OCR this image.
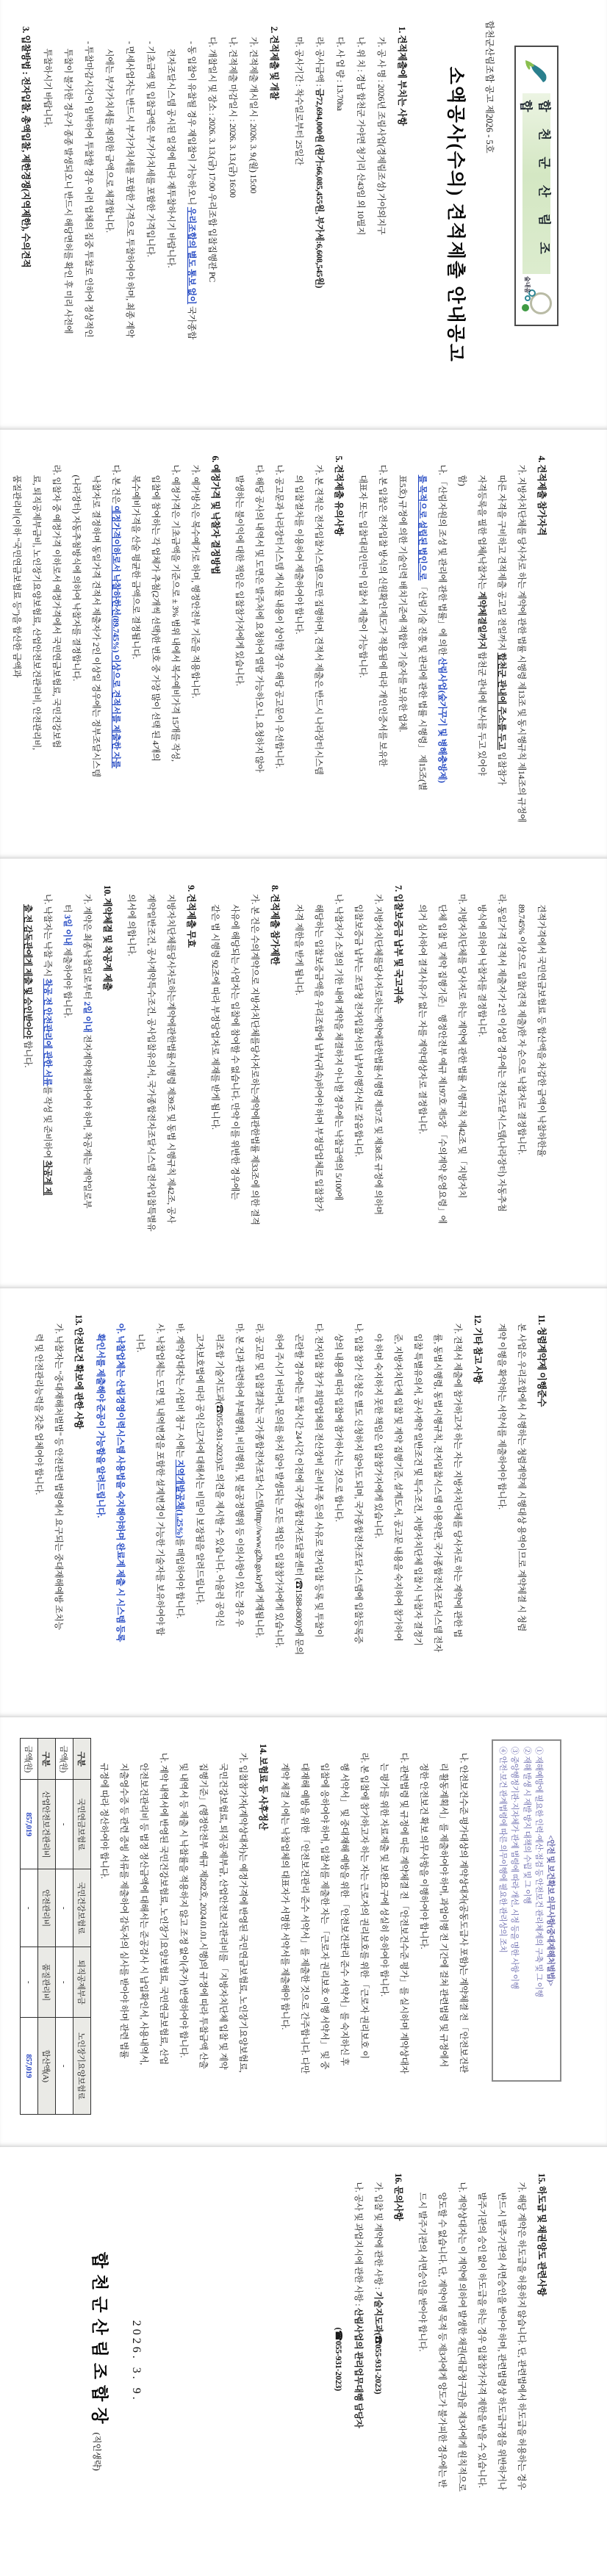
합 천 군 산 림 조 합
숲내음
합천군산림조합 공고 제2026 - 5호
소액공사(수의) 견적제출 안내공고
1. 견적제출에 부치는 사항
가. 공 사 명 : 2026년 조림사업(경제림조성) 가야외지구
나. 위 치 : 경남 합천군 가야면 청기리 산43임 외 10필지
다. 사 업 량 : 13.70ha
라. 공사금액 : 금72,694,000원 (원가:66,085,455원, 부가세:6,608,545원)
마. 공사기간 : 착수일로부터 25일간
2. 견적제출 및 개찰
가. 견적제출 개시일시 : 2026. 3. 9.(월) 15:00
나. 견적제출 마감일시 : 2026. 3. 13.(금) 16:00
다. 개찰일시 및 장소 : 2026. 3. 13.(금) 17:00 우리조합 입찰집행관 PC
- 동 입찰이 유찰될 경우 재입찰이 가능하오니 우리조합의 별도 통보 없이 국가종합
전자조달시스템 공시된 일정에 따라 재투찰하시기 바랍니다.
- 기초금액 및 입찰금액은 부가가치세를 포함한 가격입니다.
- 면세사업자는 반드시 부가가치세를 포함한 가격으로 투찰하여야 하며, 최종 계약
시에는 부가가치세를 제외한 금액으로 체결합니다.
- 투찰마감시간이 임박하여 투찰할 경우 여러 업체의 집중 투찰로 인하여 정상적인
투찰이 불가한 경우가 종종 발생되오니 반드시 해당면허를 확인 후 미리 사전에
투찰하시기 바랍니다.
3. 입찰방법 : 전자입찰, 총액입찰, 제한경쟁(지역제한), 수의견적
4. 견적제출 참가자격
가. 지방자치단체를 당사자로 하는 계약에 관한 법률 시행령 제13조 및 동시행규칙 제14조의 규정에
따른 자격을 구비하고 견적제출 공고일 전일까지 합천군 관내에 주소를 두고 입찰참가
자격등록을 필한 업체(낙찰자는 계약체결일까지 합천군 관내에 본사를 두고 있어야
함)
나. 「산림자원의 조성 및 관리에 관한 법률」에 의한 산림사업(숲가꾸기 및 병해충방제)
를 목적으로 설립된 법인으로 「산림기술 진흥 및 관리에 관한 법률 시행령」 제15조(별
표5호) 규정에 의한 기술인력 배치기준에 적합한 기술자를 보유한 업체.
다. 본 입찰은 전자입찰 방식의 신원확인제도가 적용됨에 따라 개인인증서를 보유한
대표자 또는 입찰대리인만이 입찰서 제출이 가능합니다.
5. 견적제출 유의사항
가. 본 견적은 전자입찰시스템으로만 집행하며, 견적서 제출은 반드시 나라장터시스템
의 입찰절차를 이용하여 제출하여야 합니다.
나. 공고문과 나라장터시스템 게시물 내용이 상이할 경우 해당 공고문이 우선합니다.
다. 해당 공사의 내역서 및 도면은 발주처에 요청하여 열람 가능하오니, 요청하지 않아
발생하는 불이익에 대한 책임은 입찰참가자에게 있습니다.
6. 예정가격 및 낙찰자 결정방법
가. 예가방식은 복수예가로 하며, 행정안전부 기준을 적용합니다.
나. 예정가격은 기초금액을 기준으로 ± 3% 범위 내에서 복수예비가격 15개를 작성,
입찰에 참여하는 각 업체가 추첨(2개씩 선택)한 번호 중 가장 많이 선택 된 4개의
복수예비가격을 산술 평균한 금액으로 결정됩니다.
다. 본 건은 예정가격이하로서 낙찰하한선(89.745%) 이상으로 견적서를 제출한 자를
낙찰자로 결정하며 동일가격 견적서 제출자가 2인 이상일 경우에는 정부조달시스템
(나라장터) 자동추첨방식에 의하여 낙찰자를 결정합니다.
라. 입찰자 중 예정가격 이하로서 예정가격에서 국민연금보험료, 국민건강보험
료, 퇴직공제부금비, 노인장기요양보험료, 산업안전보건관리비, 안전관리비,
품질관리비(이하 "국민연금보험료 등")을 합산한 금액과
견적가격에서 국민연금보험료 등 합산액을 차감한 금액이 낙찰하한율
89.745% 이상으로 입찰(견적 제출)한 자 순으로 낙찰자로 결정합니다.
라. 동일가격 견적서 제출자가 2인 이상일 경우에는 전자조달시스템(나라장터) 자동추첨
방식에 의하여 낙찰자를 결정합니다.
마. 지방자치단체를 당사자로 하는 계약에 관한 법률 시행규칙 제42조 및 「지방자치
단체 입찰 및 계약 집행기준」 행정안전부 예규 제197호 제5장 「수의계약 운영요령」에
의거 심사하여 결격사유가 없는 자를 계약대상자로 결정합니다.
7. 입찰보증금 납부 및 국고귀속
가. 지방자치단체를당사자로하는계약에관한법률시행령 제37조 및 제38조 규정에 의하며
입찰보증금 납부는 조달청 전자입찰서의 납부이행각서로 갈음합니다.
나. 낙찰자가 소정의 기한 내에 계약을 체결하지 아니할 경우에는 낙찰금액의 5/100에
해당하는 입찰보증금액을 우리조합에 납부(귀속)하여야 하며 부정당업체로 입찰참가
자격 제한을 받게 됩니다.
8. 견적제출 참가제한
가. 본 건은 수의계약으로 지방자치단체를당사자로하는계약에관한법률 제33조에 의한 결격
사유에 해당되는 사업자는 입찰에 참여할 수 없습니다. 만약 이를 위반한 경우에는
같은 법 시행령 92조에 따라 부정당업자로 제재를 받게 됩니다.
9. 견적제출 무효
지방자치단체를당사자로하는계약에관한법률시행령 제39조 및 동법 시행규칙 제42조, 공사
계약일반조건, 공사계약특수조건, 공사입찰유의서, 국가종합전자조달시스템 전자입찰특별유
의서에 의합니다.
10. 계약체결 및 착공계 제출
가. 계약은 최종낙찰일로부터 2일 이내 전자계약체결하여야 하며, 착공계는 계약일로부
터 3일 이내 제출하여야 합니다.
나. 낙찰자는 낙찰 즉시 착공 전 안전관리에 관한 서류를 작성 및 준비하여 착공계 제
출 전 감독관에게 제출 및 승인받아야 합니다.
11. 청렴계약제 이행준수
본 사업은 우리조합에서 시행하는 청렴계약제 시행대상 용역이므로 계약체결 시 청렴
계약 이행을 확약하는 서약서를 제출하여야 합니다.
12. 기타 참고 사항
가. 견적서 제출에 참가하고자 하는 자는 지방자치단체를 당사자로 하는 계약에 관한 법
률, 동법시행령, 동법시행규칙, 전자입찰시스템 이용약관, 국가종합전자조달시스템 전자
입찰 특별유의서, 공사계약 일반조건 및 특수조건, 지방자치단체 입찰시 낙찰자 결정기
준, 지방자치단체 입찰 및 계약 집행기준, 설계도서, 공고문 내용을 숙지하여 참가하여
야 하며 숙지하지 못한 책임은 입찰참가자에게 있습니다.
나. 입찰 참가 신청은 별도 신청하지 않아도 되며, 국가종합전자조달시스템에 입찰등록증
상의 내용에 따라 입찰에 참가하시는 것으로 합니다.
다. 전자입찰 참가 희망업체의 전산장비 준비부족 등의 사유로 전자입찰 등록 및 투찰이
곤란할 경우에는 투찰시간 24시간 이전에 국가종합전자조달콜센터 (☎1588-0800)에 문의
하여 주시기 바라며, 문의를 하지 않아 발생되는 모든 책임은 입찰참가자에게 있습니다.
라. 공고문 및 입찰결과는 국가종합전자조달시스템(http://www.g2b.go.kr)에 게재됩니다.
마. 본 건과 관련하여 부패행위, 비리행위, 및 불공정행위 등 이의사항이 있는 경우 우
리조합 기술지도과(☎055-931-2023)로 의견을 제시할 수 있습니다. 아울러 공익신
고자보호법에 따라 공익신고자에 대해서는 비밀이 보장됨을 알려드립니다.
바. 계약상대자는 사업비 청구 시에는 지역개발공채(1.25%)를 매입하여야 합니다.
사. 낙찰업체는 도면 및 내역변경을 포함한 설계변경이 가능한 기술자를 보유하여야 합
니다.
아. 낙찰업체는 산림경영이력시스템 사용법을 숙지해야하며 완료계 제출 시 시스템 등록
확인서를 제출해야 준공이 가능함을 알려드립니다.
13. 안전보건 확보에 관한 사항
가. 낙찰자는 "중대재해처벌법" 등 안전관련 법령에서 요구되는 중대재해예방 조치능
력 및 안전관리능력을 갖춘 업체여야 합니다.
<안전 및 보건확보 의무사항(중대재해처벌법)>
① 재해예방에 필요한 인력·예산·점검 등 안전보건 관리체계의 구축 및 그 이행
② 재해 발생 시 재발 방지 대책의 수립 및 그 이행
③ 중앙행정기관·지자체가 관계 법령에 따라 개선, 시정 등을 명한 사항 이행
④ 안전·보건 관계법령에 따른 의무이행에 필요한 관리상의 조치
구분	국민연금보험료	국민건강보험료	퇴직공제부금	노인장기요양보험료
금액(원)	-	-	-	-
구분	산업안전보건관리비	안전관리비	품질관리비	합산액(A)
금액(원)	857,019	-	-	857,019	나. 안전보건수준 평가대상의 계약상대자(공동도급사 포함)는 계약체결 전 「안전보건관
리 활동계획서」를 제출하여야 하며, 과업이행 전 기간에 걸쳐 관련법령 및 규정에서
정한 안전보건 확보 의무사항을 이행하여야 합니다.
다. 관련법령 및 규정에 따른 계약체결 전 「안전보건수준 평가」를 실시하며 계약상대자
는 평가를 위한 자료제출 및 보완요구에 성실히 응하여야 합니다.
라. 본 입찰에 참가하고자 하는 자는 근로자의 권리보호를 위한 「근로자 권리보호 이
행 서약서」 및 중대재해 예방을 위한 「안전보건관리 준수 서약서」를 숙지하신 후
입찰에 응하여야 하며, 입찰서를 제출한 자는 「근로자 권리보호 이행 서약서」 및 중
대재해 예방을 위한 「안전보건관리 준수 서약서」를 제출한 것으로 간주합니다. 다만
계약 체결 시에는 낙찰업체의 대표자가 서명한 서약서를 제출해야 합니다.
14. 보험료 등 사후정산
가. 입찰참가자(계약상대자)는 예정가격에 반영된 국민연금보험료, 노인장기요양보험료,
국민건강보험료, 퇴직공제부금, 산업안전보건관리비를 「지방자치단체 입찰 및 계약
집행기준」(행정안전부 예규 제282호, 2024.01.01.시행)의 규정에 따라 투찰금액 산출
및 내역서 등 제출 시 낙찰률을 적용하지 않고 조정 없이(추가) 반영하여야 합니다.
나. 계약 내역서에 반영된 국민건강보험료, 노인장기요양보험료, 국민연금보험료, 산업
안전보건관리비 등 법정 정산금액에 대해서는 준공검사 시 납입확인서, 사용내역서,
지출영수증 등 관련 증빙 서류를 제출하여 감독자의 심사를 받아야 하며 관련 법률
규정에 따라 정산하여야 합니다.
2026. 3. 9.
합천군산림조합장 (직인생략)
15. 하도급 및 채권양도 관련사항
가. 해당 계약은 하도급을 허용하지 않습니다. 단, 관련법에서 하도급을 허용하는 경우
반드시 발주기관의 서면승인을 받아야 하며, 관련법령상 하도급규정을 위반하거나
발주기관의 승인 없이 하도급을 하는 경우 입찰참가자격 제한을 받을 수 있습니다.
나. 계약상대자는 이 계약에 의하여 발생한 채권(대금청구권)을 제3자에게 원칙적으로
양도할 수 없습니다. 단, 계약이행 목적 등 제3자에게 양도가 불가피한 경우에는 반
드시 발주기관의 서면승인을 받아야 합니다.
16. 문의사항
가. 입찰 및 계약에 관한 사항 : 기술지도과(☎055-931-2023)
나. 공사 및 과업지시에 관한 사항 : 산림사업의 관리업무대행 담당자
(☎055-931-2023)
